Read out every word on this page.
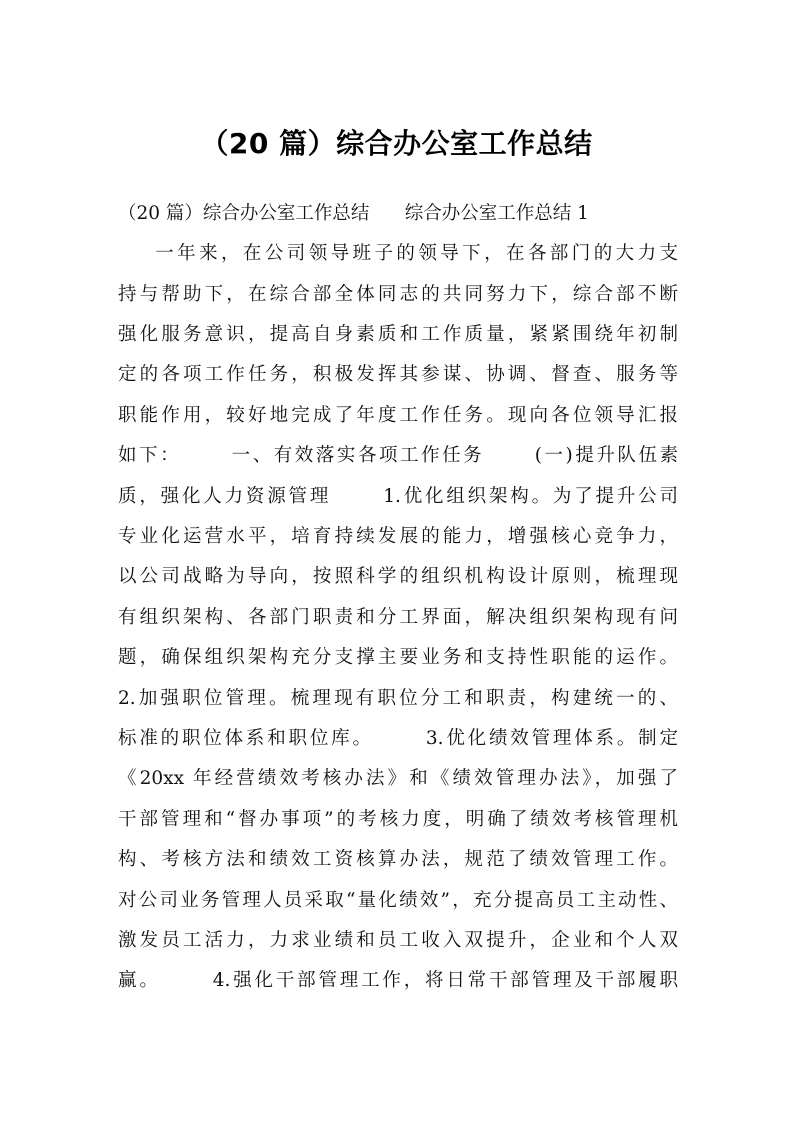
（20 篇）综合办公室工作总结
（20 篇）综合办公室工作总结      综合办公室工作总结 1
一年来，在公司领导班子的领导下，在各部门的大力支
持与帮助下，在综合部全体同志的共同努力下，综合部不断
强化服务意识，提高自身素质和工作质量，紧紧围绕年初制
定的各项工作任务，积极发挥其参谋、协调、督查、服务等
职能作用，较好地完成了年度工作任务。现向各位领导汇报
如下：      一、有效落实各项工作任务      (一)提升队伍素
质，强化人力资源管理      1.优化组织架构。为了提升公司
专业化运营水平，培育持续发展的能力，增强核心竞争力，
以公司战略为导向，按照科学的组织机构设计原则，梳理现
有组织架构、各部门职责和分工界面，解决组织架构现有问
题，确保组织架构充分支撑主要业务和支持性职能的运作。
2.加强职位管理。梳理现有职位分工和职责，构建统一的、
标准的职位体系和职位库。      3.优化绩效管理体系。制定
《20xx 年经营绩效考核办法》和《绩效管理办法》，加强了
干部管理和“督办事项”的考核力度，明确了绩效考核管理机
构、考核方法和绩效工资核算办法，规范了绩效管理工作。
对公司业务管理人员采取“量化绩效”，充分提高员工主动性、
激发员工活力，力求业绩和员工收入双提升，企业和个人双
赢。      4.强化干部管理工作，将日常干部管理及干部履职
